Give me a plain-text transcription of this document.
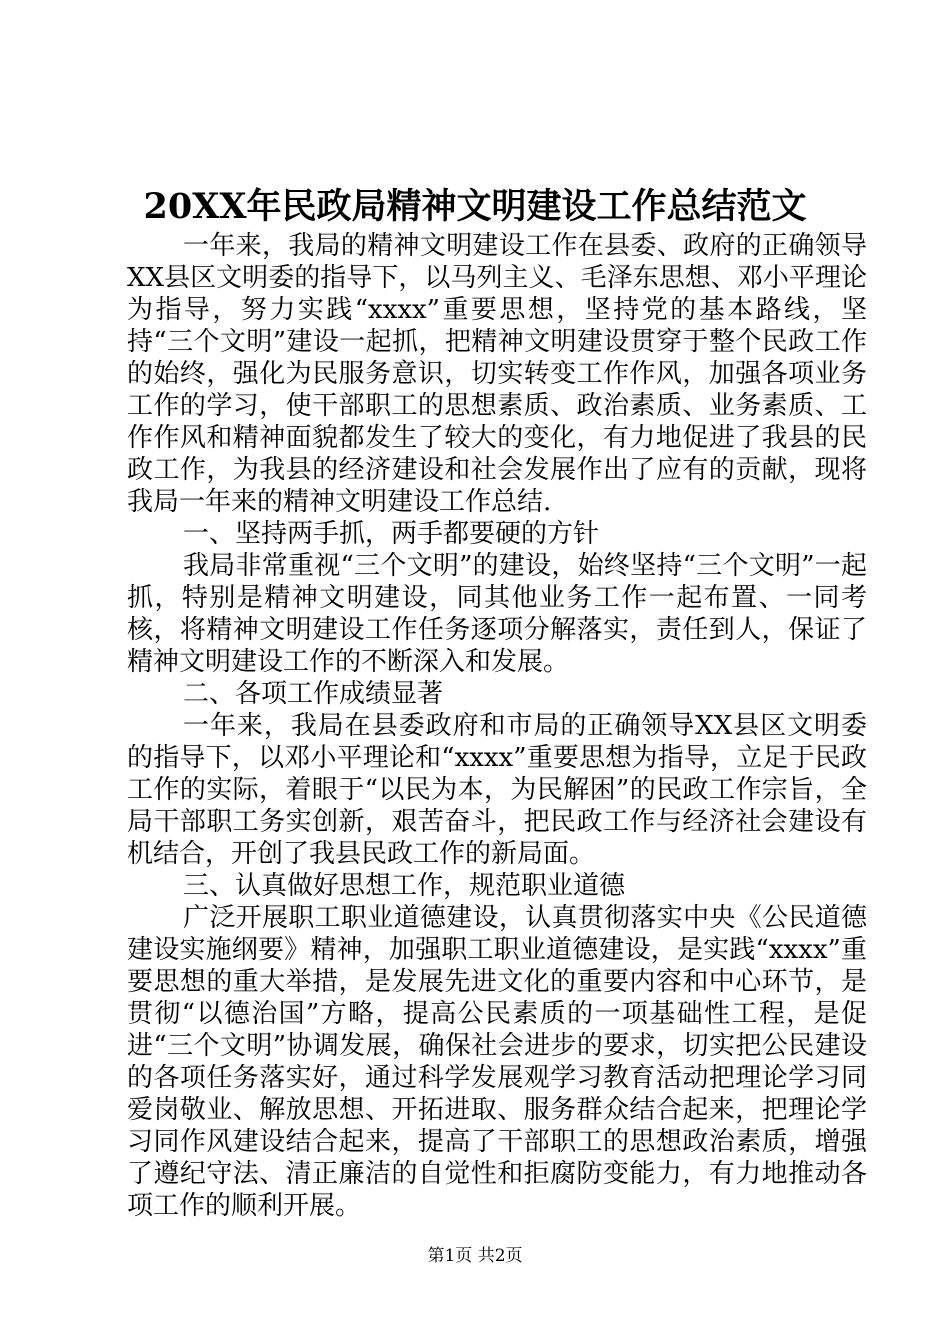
20XX年民政局精神文明建设工作总结范文

一年来，我局的精神文明建设工作在县委、政府的正确领导XX县区文明委的指导下，以马列主义、毛泽东思想、邓小平理论为指导，努力实践“xxxx”重要思想，坚持党的基本路线，坚持“三个文明”建设一起抓，把精神文明建设贯穿于整个民政工作的始终，强化为民服务意识，切实转变工作作风，加强各项业务工作的学习，使干部职工的思想素质、政治素质、业务素质、工作作风和精神面貌都发生了较大的变化，有力地促进了我县的民政工作，为我县的经济建设和社会发展作出了应有的贡献，现将我局一年来的精神文明建设工作总结.

一、坚持两手抓，两手都要硬的方针

我局非常重视“三个文明”的建设，始终坚持“三个文明”一起抓，特别是精神文明建设，同其他业务工作一起布置、一同考核，将精神文明建设工作任务逐项分解落实，责任到人，保证了精神文明建设工作的不断深入和发展。

二、各项工作成绩显著

一年来，我局在县委政府和市局的正确领导XX县区文明委的指导下，以邓小平理论和“xxxx”重要思想为指导，立足于民政工作的实际，着眼于“以民为本，为民解困”的民政工作宗旨，全局干部职工务实创新，艰苦奋斗，把民政工作与经济社会建设有机结合，开创了我县民政工作的新局面。

三、认真做好思想工作，规范职业道德

广泛开展职工职业道德建设，认真贯彻落实中央《公民道德建设实施纲要》精神，加强职工职业道德建设，是实践“xxxx”重要思想的重大举措，是发展先进文化的重要内容和中心环节，是贯彻“以德治国”方略，提高公民素质的一项基础性工程，是促进“三个文明”协调发展，确保社会进步的要求，切实把公民建设的各项任务落实好，通过科学发展观学习教育活动把理论学习同爱岗敬业、解放思想、开拓进取、服务群众结合起来，把理论学习同作风建设结合起来，提高了干部职工的思想政治素质，增强了遵纪守法、清正廉洁的自觉性和拒腐防变能力，有力地推动各项工作的顺利开展。

第1页 共2页
